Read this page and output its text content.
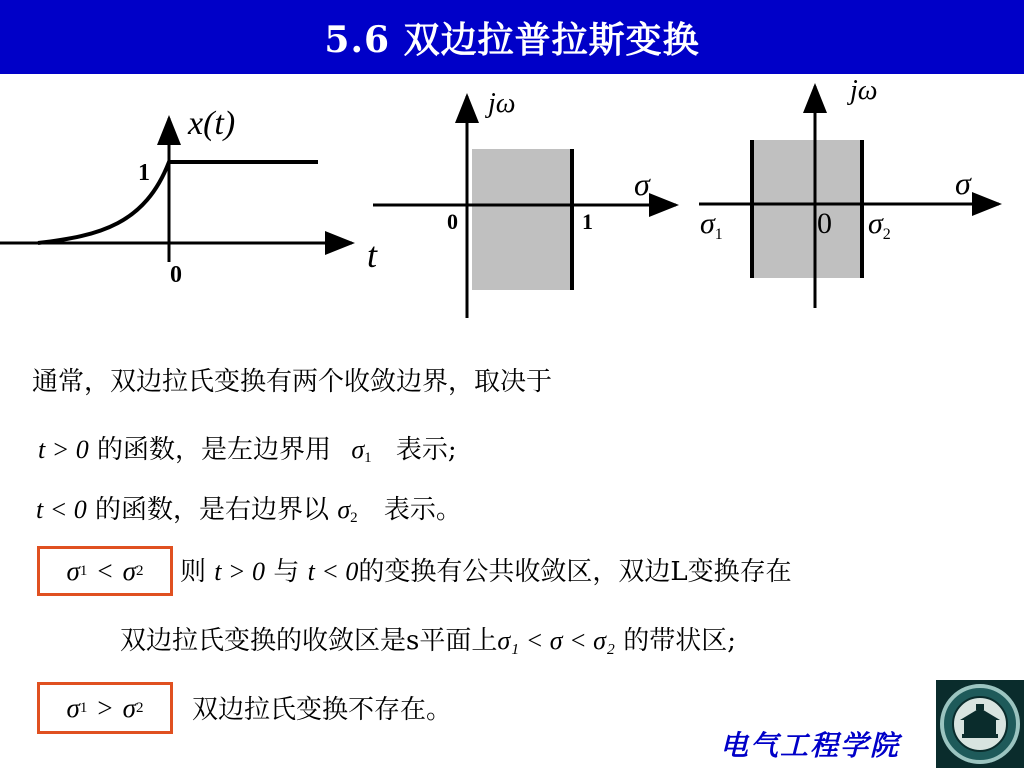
5.6 双边拉普拉斯变换
x(t)
1
0	t
jω
σ
0	1
jω
σ
$\sigma_1$	0 $\sigma_2$
通常，双边拉氏变换有两个收敛边界，取决于
t > 0 的函数，是左边界用 $\sigma_1$ 表示;
t < 0 的函数，是右边界以 $\sigma_2$ 表示。
σ 1 < σ 2 则 t > 0 与 t < 0的变换有公共收敛区，双边L变换存在
双边拉氏变换的收敛区是s平面上σ₁ < σ < σ₂ 的带状区;
σ 1 > σ 2 双边拉氏变换不存在。
电气工程学院
